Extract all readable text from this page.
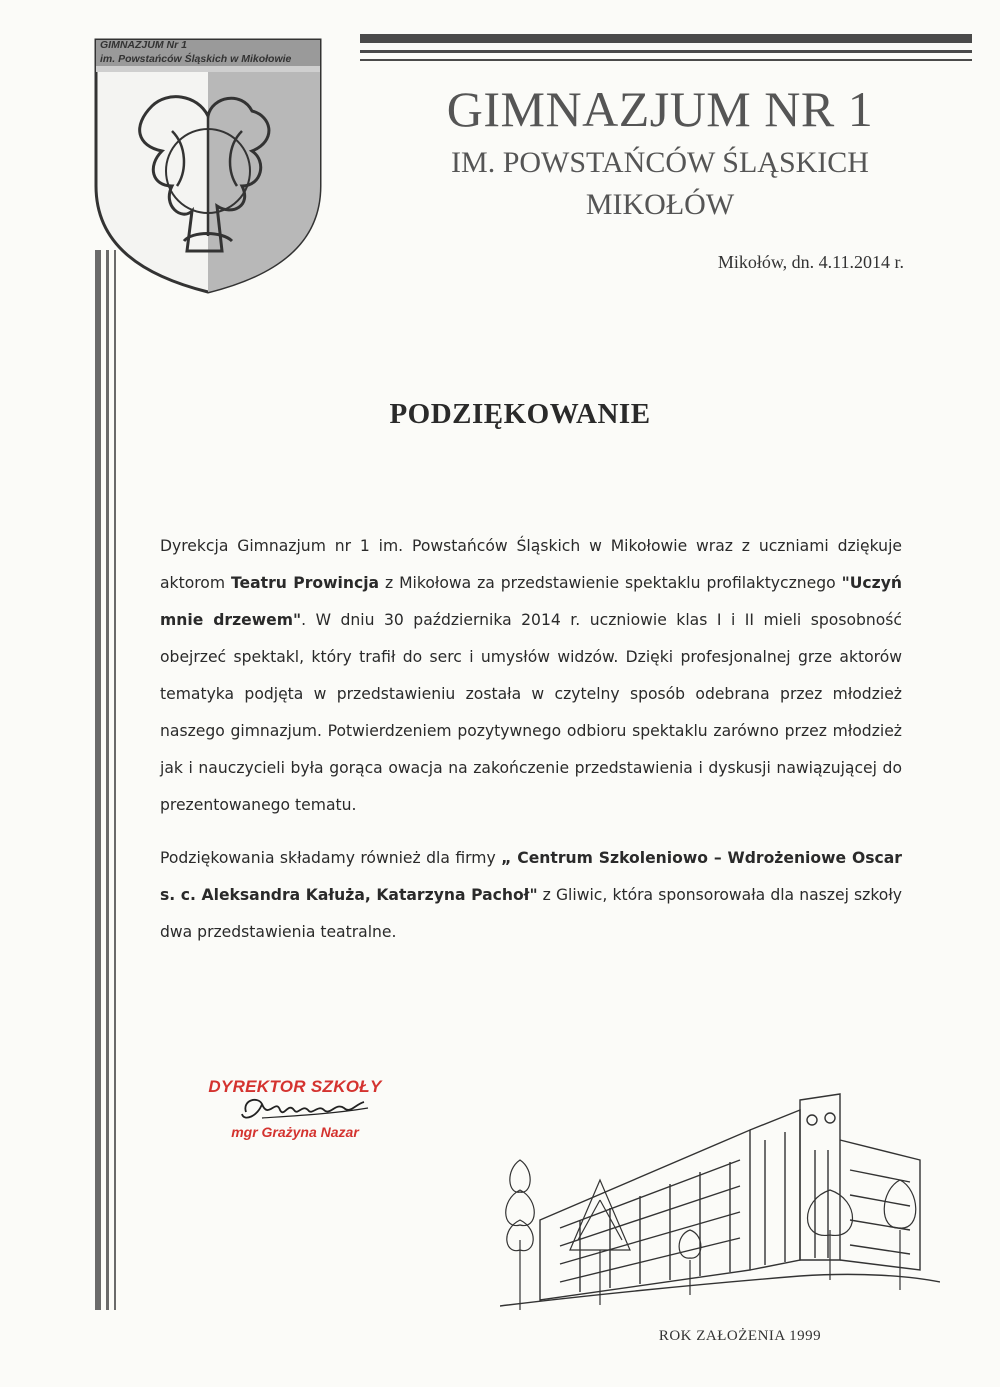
GIMNAZJUM Nr 1
im. Powstańców Śląskich w Mikołowie
GIMNAZJUM NR 1
IM. POWSTAŃCÓW ŚLĄSKICH
MIKOŁÓW
Mikołów, dn. 4.11.2014 r.
PODZIĘKOWANIE

Dyrekcja Gimnazjum nr 1 im. Powstańców Śląskich w Mikołowie wraz z uczniami dziękuje aktorom Teatru Prowincja z Mikołowa za przedstawienie spektaklu profilaktycznego "Uczyń mnie drzewem". W dniu 30 października 2014 r. uczniowie klas I i II mieli sposobność obejrzeć spektakl, który trafił do serc i umysłów widzów. Dzięki profesjonalnej grze aktorów tematyka podjęta w przedstawieniu została w czytelny sposób odebrana przez młodzież naszego gimnazjum. Potwierdzeniem pozytywnego odbioru spektaklu zarówno przez młodzież jak i nauczycieli była gorąca owacja na zakończenie przedstawienia i dyskusji nawiązującej do prezentowanego tematu.

Podziękowania składamy również dla firmy „ Centrum Szkoleniowo – Wdrożeniowe Oscar s. c. Aleksandra Kałuża, Katarzyna Pachoł" z Gliwic, która sponsorowała dla naszej szkoły dwa przedstawienia teatralne.

DYREKTOR SZKOŁY
mgr Grażyna Nazar
ROK ZAŁOŻENIA 1999
